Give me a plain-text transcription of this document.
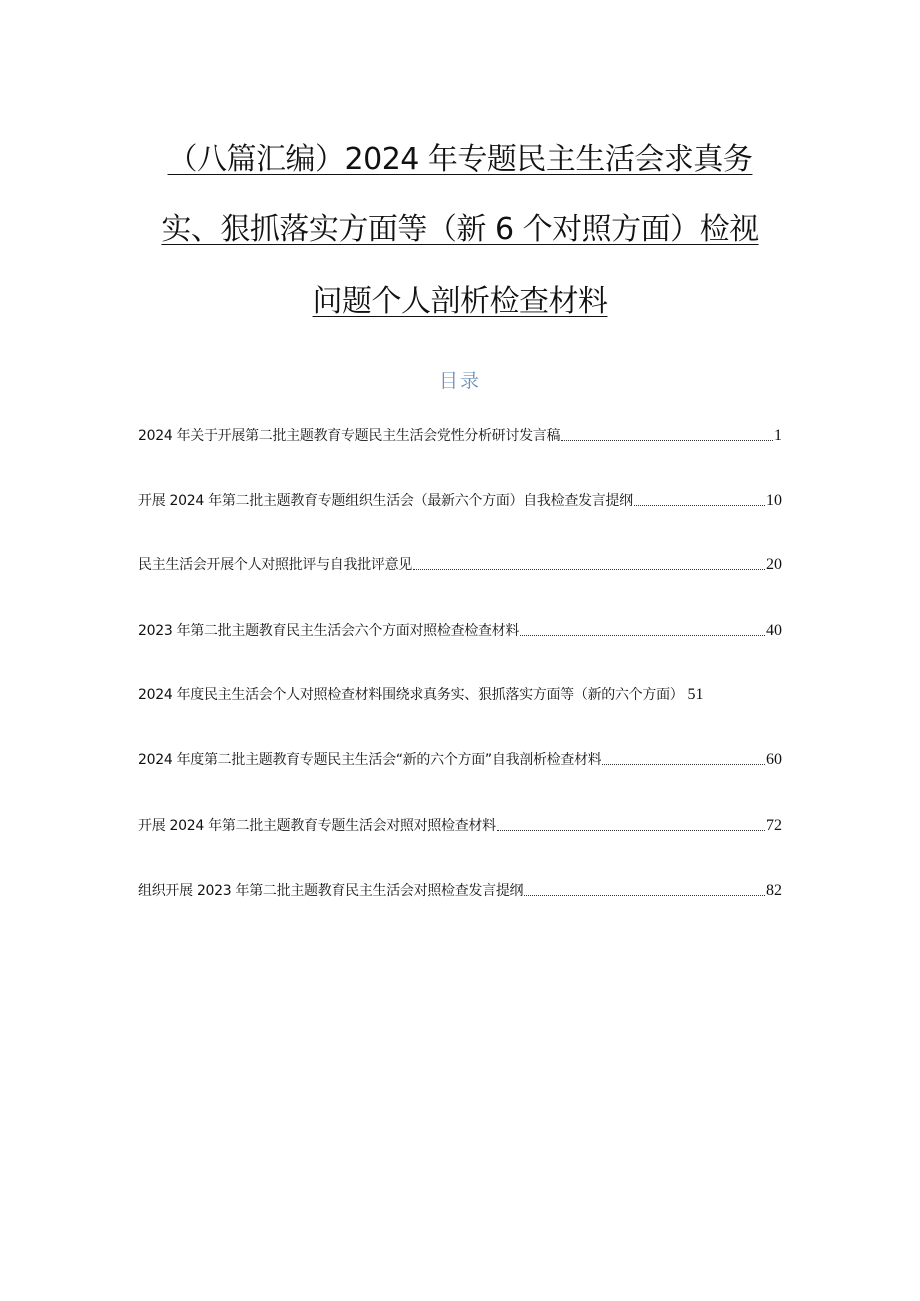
（八篇汇编）2024 年专题民主生活会求真务
实、狠抓落实方面等（新 6 个对照方面）检视
问题个人剖析检查材料
目录
2024 年关于开展第二批主题教育专题民主生活会党性分析研讨发言稿	1
开展 2024 年第二批主题教育专题组织生活会（最新六个方面）自我检查发言提纲	10
民主生活会开展个人对照批评与自我批评意见	20
2023 年第二批主题教育民主生活会六个方面对照检查检查材料	40
2024 年度民主生活会个人对照检查材料围绕求真务实、狠抓落实方面等（新的六个方面） 51
2024 年度第二批主题教育专题民主生活会“新的六个方面”自我剖析检查材料	60
开展 2024 年第二批主题教育专题生活会对照对照检查材料	72
组织开展 2023 年第二批主题教育民主生活会对照检查发言提纲	82
